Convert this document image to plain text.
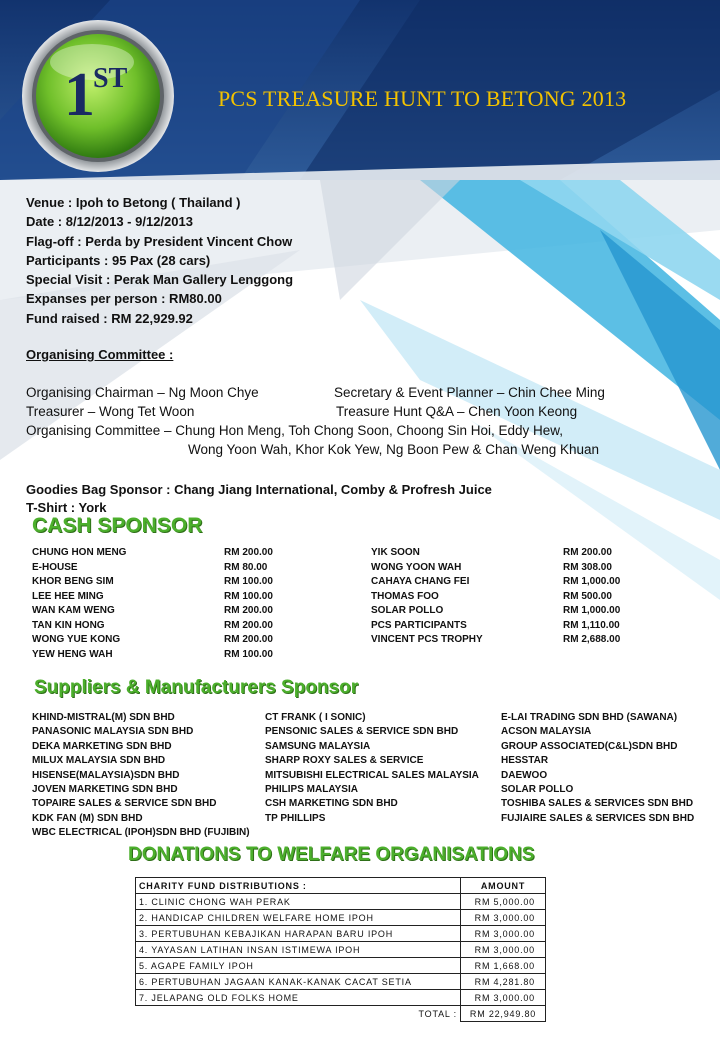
1ST
PCS TREASURE HUNT TO BETONG 2013
Venue : Ipoh to Betong ( Thailand )
Date : 8/12/2013 - 9/12/2013
Flag-off : Perda by President Vincent Chow
Participants : 95 Pax (28 cars)
Special Visit : Perak Man Gallery Lenggong
Expanses per person : RM80.00
Fund raised : RM 22,929.92
Organising Committee :
Organising Chairman – Ng Moon Chye	Secretary & Event Planner – Chin Chee Ming
Treasurer – Wong Tet Woon	Treasure Hunt Q&A – Chen Yoon Keong
Organising Committee – Chung Hon Meng, Toh Chong Soon, Choong Sin Hoi, Eddy Hew,
Wong Yoon Wah, Khor Kok Yew, Ng Boon Pew & Chan Weng Khuan
Goodies Bag Sponsor : Chang Jiang International, Comby & Profresh Juice
T-Shirt : York
CASH SPONSOR
CHUNG HON MENG	RM 200.00
E-HOUSE	RM 80.00
KHOR BENG SIM	RM 100.00
LEE HEE MING	RM 100.00
WAN KAM WENG	RM 200.00
TAN KIN HONG	RM 200.00
WONG YUE KONG	RM 200.00
YEW HENG WAH	RM 100.00
YIK SOON	RM 200.00
WONG YOON WAH	RM 308.00
CAHAYA CHANG FEI	RM 1,000.00
THOMAS FOO	RM 500.00
SOLAR POLLO	RM 1,000.00
PCS PARTICIPANTS	RM 1,110.00
VINCENT PCS TROPHY	RM 2,688.00
Suppliers & Manufacturers Sponsor
KHIND-MISTRAL(M) SDN BHD
PANASONIC MALAYSIA SDN BHD
DEKA MARKETING SDN BHD
MILUX MALAYSIA SDN BHD
HISENSE(MALAYSIA)SDN BHD
JOVEN MARKETING SDN BHD
TOPAIRE SALES & SERVICE SDN BHD
KDK FAN (M) SDN BHD
WBC ELECTRICAL (IPOH)SDN BHD (FUJIBIN)
CT FRANK ( I SONIC)
PENSONIC SALES & SERVICE SDN BHD
SAMSUNG MALAYSIA
SHARP ROXY SALES & SERVICE
MITSUBISHI ELECTRICAL SALES MALAYSIA
PHILIPS MALAYSIA
CSH MARKETING SDN BHD
TP PHILLIPS
E-LAI TRADING SDN BHD (SAWANA)
ACSON MALAYSIA
GROUP ASSOCIATED(C&L)SDN BHD
HESSTAR
DAEWOO
SOLAR POLLO
TOSHIBA SALES & SERVICES SDN BHD
FUJIAIRE SALES & SERVICES SDN BHD
DONATIONS TO WELFARE ORGANISATIONS
CHARITY FUND DISTRIBUTIONS :	AMOUNT
1. CLINIC CHONG WAH PERAK	RM 5,000.00
2. HANDICAP CHILDREN WELFARE HOME IPOH	RM 3,000.00
3. PERTUBUHAN KEBAJIKAN HARAPAN BARU IPOH	RM 3,000.00
4. YAYASAN LATIHAN INSAN ISTIMEWA IPOH	RM 3,000.00
5. AGAPE FAMILY IPOH	RM 1,668.00
6. PERTUBUHAN JAGAAN KANAK-KANAK CACAT SETIA	RM 4,281.80
7. JELAPANG OLD FOLKS HOME	RM 3,000.00
TOTAL :	RM 22,949.80
